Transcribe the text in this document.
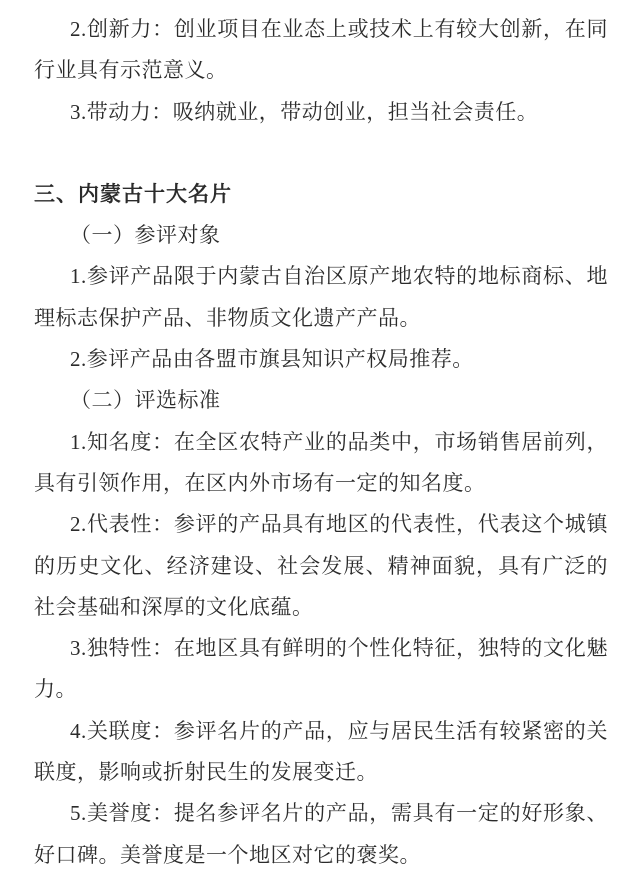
2.创新力：创业项目在业态上或技术上有较大创新，在同行业具有示范意义。

3.带动力：吸纳就业，带动创业，担当社会责任。

三、内蒙古十大名片

（一）参评对象

1.参评产品限于内蒙古自治区原产地农特的地标商标、地理标志保护产品、非物质文化遗产产品。

2.参评产品由各盟市旗县知识产权局推荐。

（二）评选标准

1.知名度：在全区农特产业的品类中，市场销售居前列，具有引领作用，在区内外市场有一定的知名度。

2.代表性：参评的产品具有地区的代表性，代表这个城镇的历史文化、经济建设、社会发展、精神面貌，具有广泛的社会基础和深厚的文化底蕴。

3.独特性：在地区具有鲜明的个性化特征，独特的文化魅力。

4.关联度：参评名片的产品，应与居民生活有较紧密的关联度，影响或折射民生的发展变迁。

5.美誉度：提名参评名片的产品，需具有一定的好形象、好口碑。美誉度是一个地区对它的褒奖。
